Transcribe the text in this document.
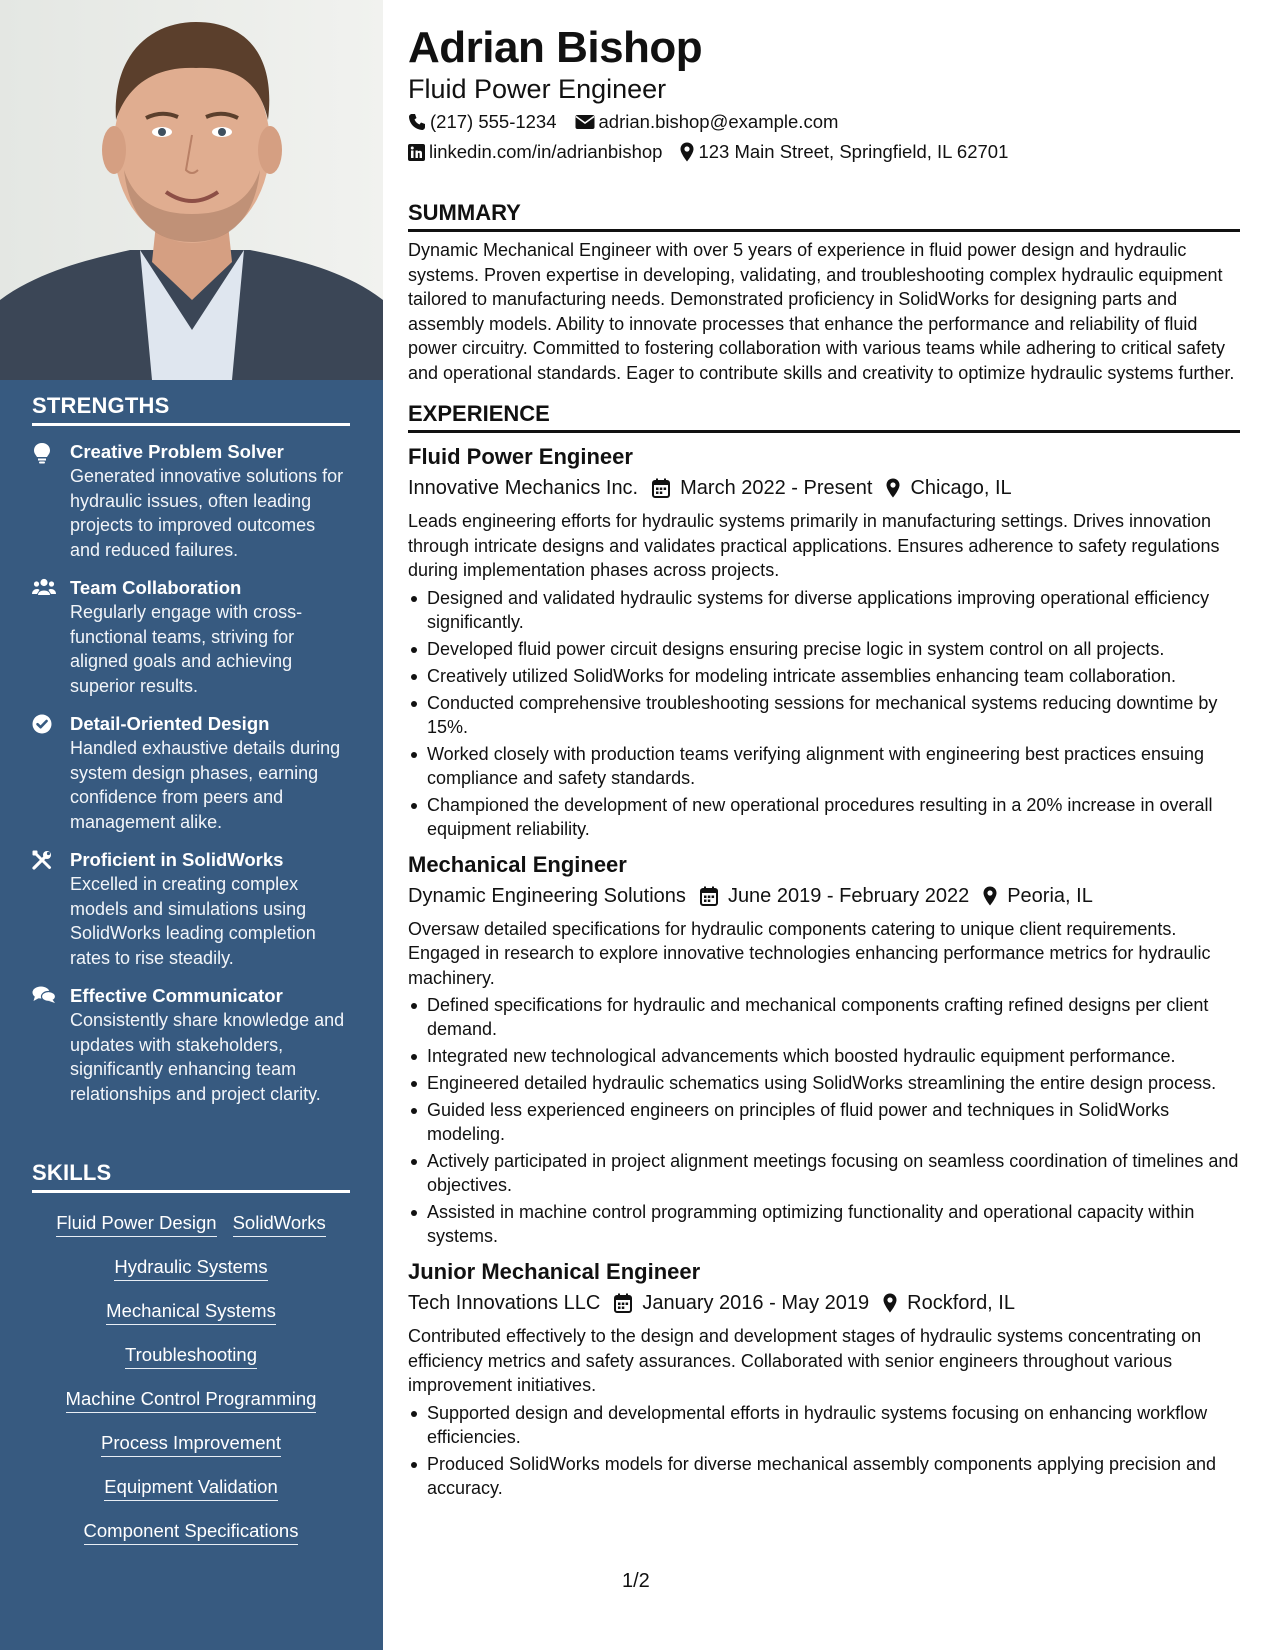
STRENGTHS
Creative Problem Solver
Generated innovative solutions for hydraulic issues, often leading projects to improved outcomes and reduced failures.
Team Collaboration
Regularly engage with cross-functional teams, striving for aligned goals and achieving superior results.
Detail-Oriented Design
Handled exhaustive details during system design phases, earning confidence from peers and management alike.
Proficient in SolidWorks
Excelled in creating complex models and simulations using SolidWorks leading completion rates to rise steadily.
Effective Communicator
Consistently share knowledge and updates with stakeholders, significantly enhancing team relationships and project clarity.
SKILLS
Fluid Power Design SolidWorks
Hydraulic Systems
Mechanical Systems
Troubleshooting
Machine Control Programming
Process Improvement
Equipment Validation
Component Specifications
Adrian Bishop
Fluid Power Engineer
(217) 555-1234 adrian.bishop@example.com
linkedin.com/in/adrianbishop 123 Main Street, Springfield, IL 62701
SUMMARY
Dynamic Mechanical Engineer with over 5 years of experience in fluid power design and hydraulic systems. Proven expertise in developing, validating, and troubleshooting complex hydraulic equipment tailored to manufacturing needs. Demonstrated proficiency in SolidWorks for designing parts and assembly models. Ability to innovate processes that enhance the performance and reliability of fluid power circuitry. Committed to fostering collaboration with various teams while adhering to critical safety and operational standards. Eager to contribute skills and creativity to optimize hydraulic systems further.
EXPERIENCE
Fluid Power Engineer
Innovative Mechanics Inc. March 2022 - Present Chicago, IL
Leads engineering efforts for hydraulic systems primarily in manufacturing settings. Drives innovation through intricate designs and validates practical applications. Ensures adherence to safety regulations during implementation phases across projects.
Designed and validated hydraulic systems for diverse applications improving operational efficiency significantly.
Developed fluid power circuit designs ensuring precise logic in system control on all projects.
Creatively utilized SolidWorks for modeling intricate assemblies enhancing team collaboration.
Conducted comprehensive troubleshooting sessions for mechanical systems reducing downtime by 15%.
Worked closely with production teams verifying alignment with engineering best practices ensuing compliance and safety standards.
Championed the development of new operational procedures resulting in a 20% increase in overall equipment reliability.
Mechanical Engineer
Dynamic Engineering Solutions June 2019 - February 2022 Peoria, IL
Oversaw detailed specifications for hydraulic components catering to unique client requirements. Engaged in research to explore innovative technologies enhancing performance metrics for hydraulic machinery.
Defined specifications for hydraulic and mechanical components crafting refined designs per client demand.
Integrated new technological advancements which boosted hydraulic equipment performance.
Engineered detailed hydraulic schematics using SolidWorks streamlining the entire design process.
Guided less experienced engineers on principles of fluid power and techniques in SolidWorks modeling.
Actively participated in project alignment meetings focusing on seamless coordination of timelines and objectives.
Assisted in machine control programming optimizing functionality and operational capacity within systems.
Junior Mechanical Engineer
Tech Innovations LLC January 2016 - May 2019 Rockford, IL
Contributed effectively to the design and development stages of hydraulic systems concentrating on efficiency metrics and safety assurances. Collaborated with senior engineers throughout various improvement initiatives.
Supported design and developmental efforts in hydraulic systems focusing on enhancing workflow efficiencies.
Produced SolidWorks models for diverse mechanical assembly components applying precision and accuracy.
1/2
